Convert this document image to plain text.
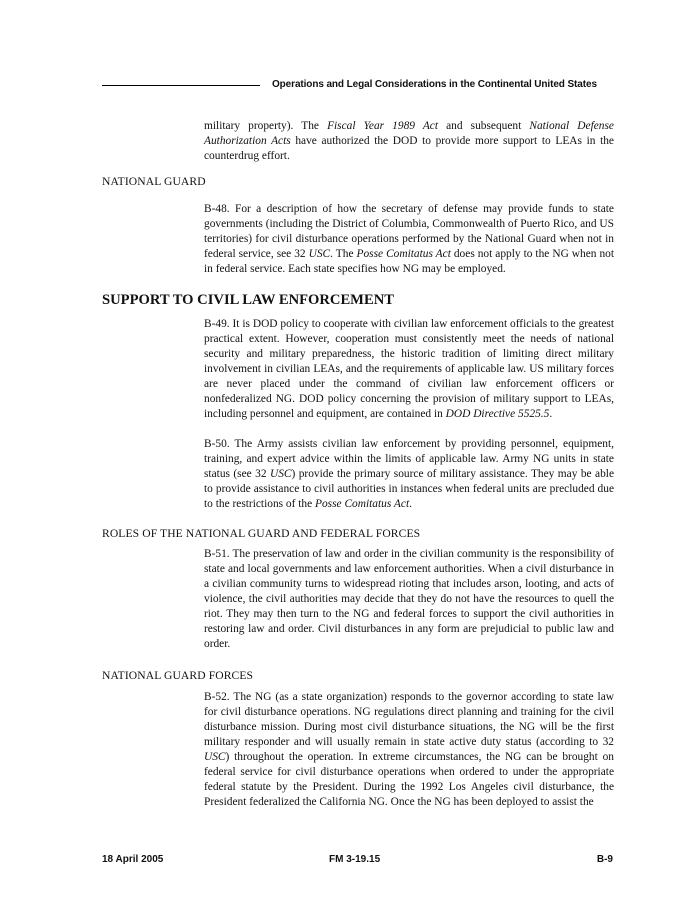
Operations and Legal Considerations in the Continental United States

military property). The Fiscal Year 1989 Act and subsequent National Defense Authorization Acts have authorized the DOD to provide more support to LEAs in the counterdrug effort.

NATIONAL GUARD

B-48. For a description of how the secretary of defense may provide funds to state governments (including the District of Columbia, Commonwealth of Puerto Rico, and US territories) for civil disturbance operations performed by the National Guard when not in federal service, see 32 USC. The Posse Comitatus Act does not apply to the NG when not in federal service. Each state specifies how NG may be employed.

SUPPORT TO CIVIL LAW ENFORCEMENT

B-49. It is DOD policy to cooperate with civilian law enforcement officials to the greatest practical extent. However, cooperation must consistently meet the needs of national security and military preparedness, the historic tradition of limiting direct military involvement in civilian LEAs, and the requirements of applicable law. US military forces are never placed under the command of civilian law enforcement officers or nonfederalized NG. DOD policy concerning the provision of military support to LEAs, including personnel and equipment, are contained in DOD Directive 5525.5.

B-50. The Army assists civilian law enforcement by providing personnel, equipment, training, and expert advice within the limits of applicable law. Army NG units in state status (see 32 USC) provide the primary source of military assistance. They may be able to provide assistance to civil authorities in instances when federal units are precluded due to the restrictions of the Posse Comitatus Act.

ROLES OF THE NATIONAL GUARD AND FEDERAL FORCES

B-51. The preservation of law and order in the civilian community is the responsibility of state and local governments and law enforcement authorities. When a civil disturbance in a civilian community turns to widespread rioting that includes arson, looting, and acts of violence, the civil authorities may decide that they do not have the resources to quell the riot. They may then turn to the NG and federal forces to support the civil authorities in restoring law and order. Civil disturbances in any form are prejudicial to public law and order.

NATIONAL GUARD FORCES

B-52. The NG (as a state organization) responds to the governor according to state law for civil disturbance operations. NG regulations direct planning and training for the civil disturbance mission. During most civil disturbance situations, the NG will be the first military responder and will usually remain in state active duty status (according to 32 USC) throughout the operation. In extreme circumstances, the NG can be brought on federal service for civil disturbance operations when ordered to under the appropriate federal statute by the President. During the 1992 Los Angeles civil disturbance, the President federalized the California NG. Once the NG has been deployed to assist the

18 April 2005	FM 3-19.15	B-9
